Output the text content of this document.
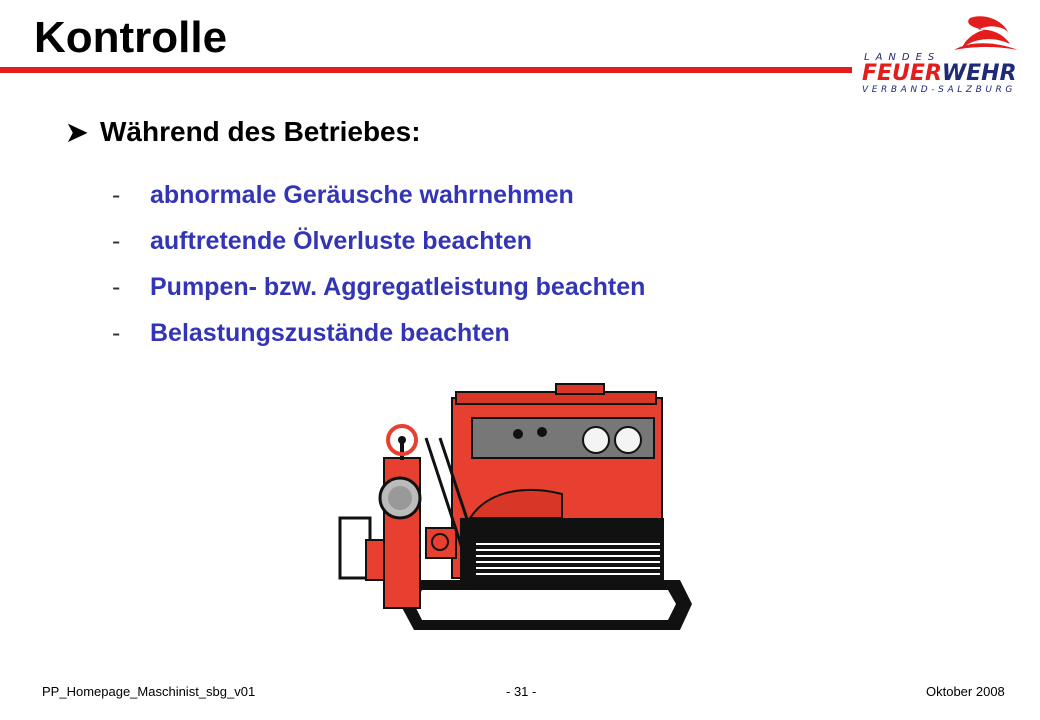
Kontrolle	LANDES
FEUERWEHR
VERBAND-SALZBURG
➤ Während des Betriebes:
-	abnormale Geräusche wahrnehmen
-	auftretende Ölverluste beachten
-	Pumpen- bzw. Aggregatleistung beachten
-	Belastungszustände beachten
PP_Homepage_Maschinist_sbg_v01	- 31 -	Oktober 2008
